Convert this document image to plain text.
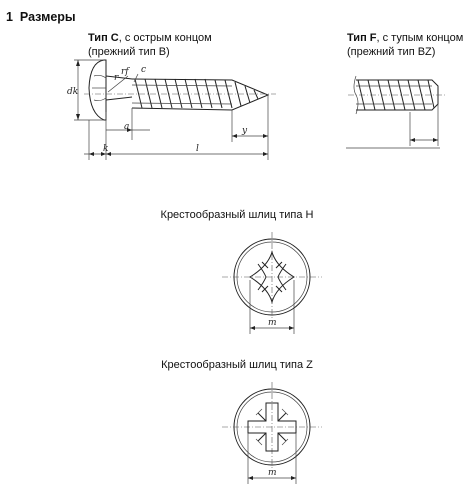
1  Размеры
Тип С, с острым концом
(прежний тип В)
Тип F, с тупым концом
(прежний тип BZ)
dk
r
rf c
a	y
k	l
Крестообразный шлиц типа H
m
Крестообразный шлиц типа Z
m
